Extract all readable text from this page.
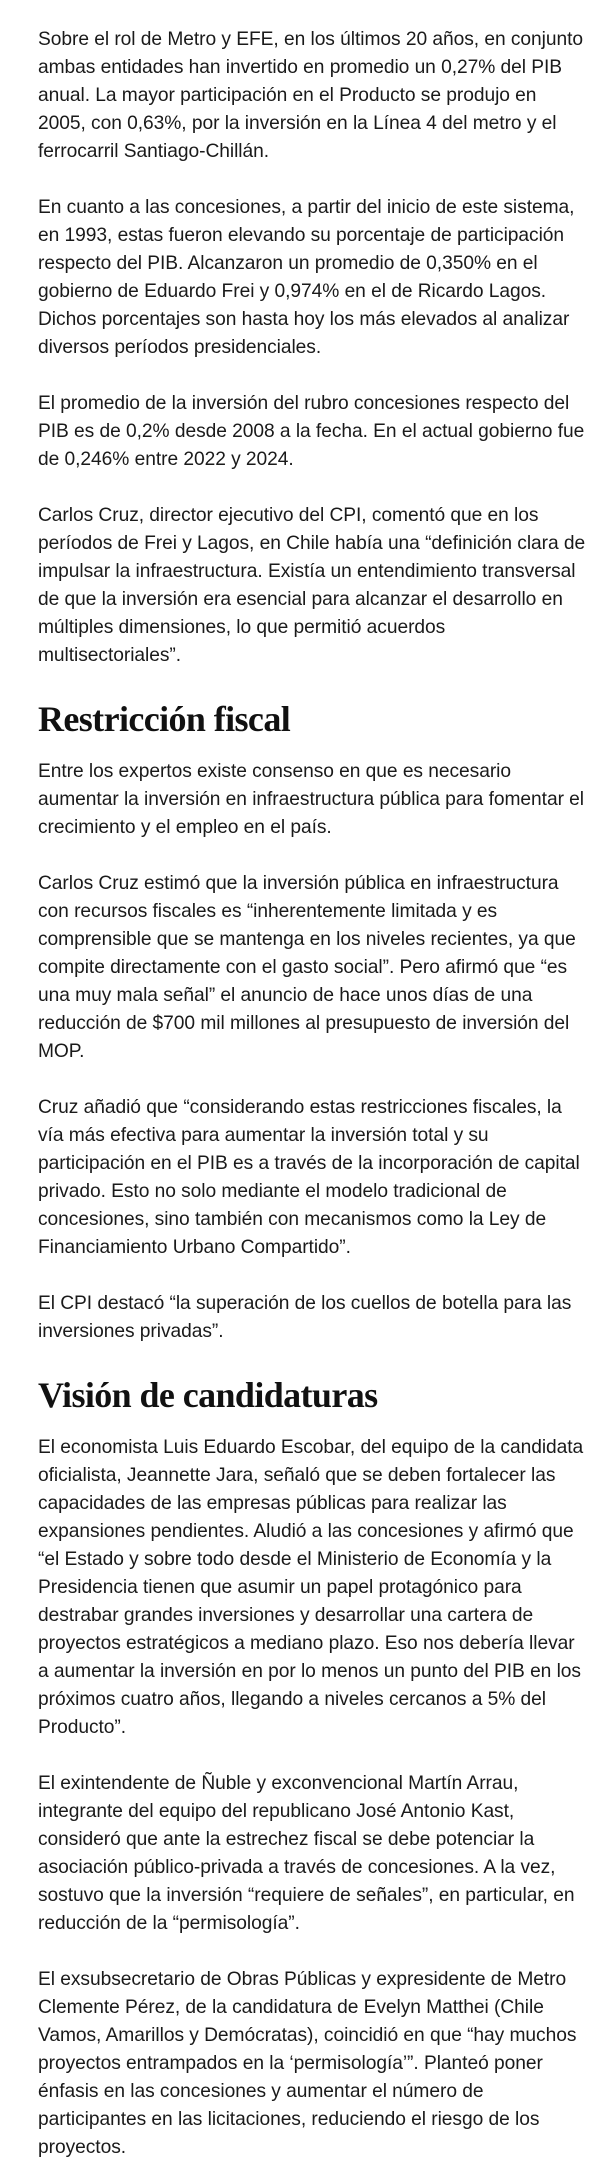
Sobre el rol de Metro y EFE, en los últimos 20 años, en conjunto ambas entidades han invertido en promedio un 0,27% del PIB anual. La mayor participación en el Producto se produjo en 2005, con 0,63%, por la inversión en la Línea 4 del metro y el ferrocarril Santiago-Chillán.

En cuanto a las concesiones, a partir del inicio de este sistema, en 1993, estas fueron elevando su porcentaje de participación respecto del PIB. Alcanzaron un promedio de 0,350% en el gobierno de Eduardo Frei y 0,974% en el de Ricardo Lagos. Dichos porcentajes son hasta hoy los más elevados al analizar diversos períodos presidenciales.

El promedio de la inversión del rubro concesiones respecto del PIB es de 0,2% desde 2008 a la fecha. En el actual gobierno fue de 0,246% entre 2022 y 2024.

Carlos Cruz, director ejecutivo del CPI, comentó que en los períodos de Frei y Lagos, en Chile había una “definición clara de impulsar la infraestructura. Existía un entendimiento transversal de que la inversión era esencial para alcanzar el desarrollo en múltiples dimensiones, lo que permitió acuerdos multisectoriales”.

Restricción fiscal

Entre los expertos existe consenso en que es necesario aumentar la inversión en infraestructura pública para fomentar el crecimiento y el empleo en el país.

Carlos Cruz estimó que la inversión pública en infraestructura con recursos fiscales es “inherentemente limitada y es comprensible que se mantenga en los niveles recientes, ya que compite directamente con el gasto social”. Pero afirmó que “es una muy mala señal” el anuncio de hace unos días de una reducción de $700 mil millones al presupuesto de inversión del MOP.

Cruz añadió que “considerando estas restricciones fiscales, la vía más efectiva para aumentar la inversión total y su participación en el PIB es a través de la incorporación de capital privado. Esto no solo mediante el modelo tradicional de concesiones, sino también con mecanismos como la Ley de Financiamiento Urbano Compartido”.

El CPI destacó “la superación de los cuellos de botella para las inversiones privadas”.

Visión de candidaturas

El economista Luis Eduardo Escobar, del equipo de la candidata oficialista, Jeannette Jara, señaló que se deben fortalecer las capacidades de las empresas públicas para realizar las expansiones pendientes. Aludió a las concesiones y afirmó que “el Estado y sobre todo desde el Ministerio de Economía y la Presidencia tienen que asumir un papel protagónico para destrabar grandes inversiones y desarrollar una cartera de proyectos estratégicos a mediano plazo. Eso nos debería llevar a aumentar la inversión en por lo menos un punto del PIB en los próximos cuatro años, llegando a niveles cercanos a 5% del Producto”.

El exintendente de Ñuble y exconvencional Martín Arrau, integrante del equipo del republicano José Antonio Kast, consideró que ante la estrechez fiscal se debe potenciar la asociación público-privada a través de concesiones. A la vez, sostuvo que la inversión “requiere de señales”, en particular, en reducción de la “permisología”.

El exsubsecretario de Obras Públicas y expresidente de Metro Clemente Pérez, de la candidatura de Evelyn Matthei (Chile Vamos, Amarillos y Demócratas), coincidió en que “hay muchos proyectos entrampados en la ‘permisología’”. Planteó poner énfasis en las concesiones y aumentar el número de participantes en las licitaciones, reduciendo el riesgo de los proyectos.
